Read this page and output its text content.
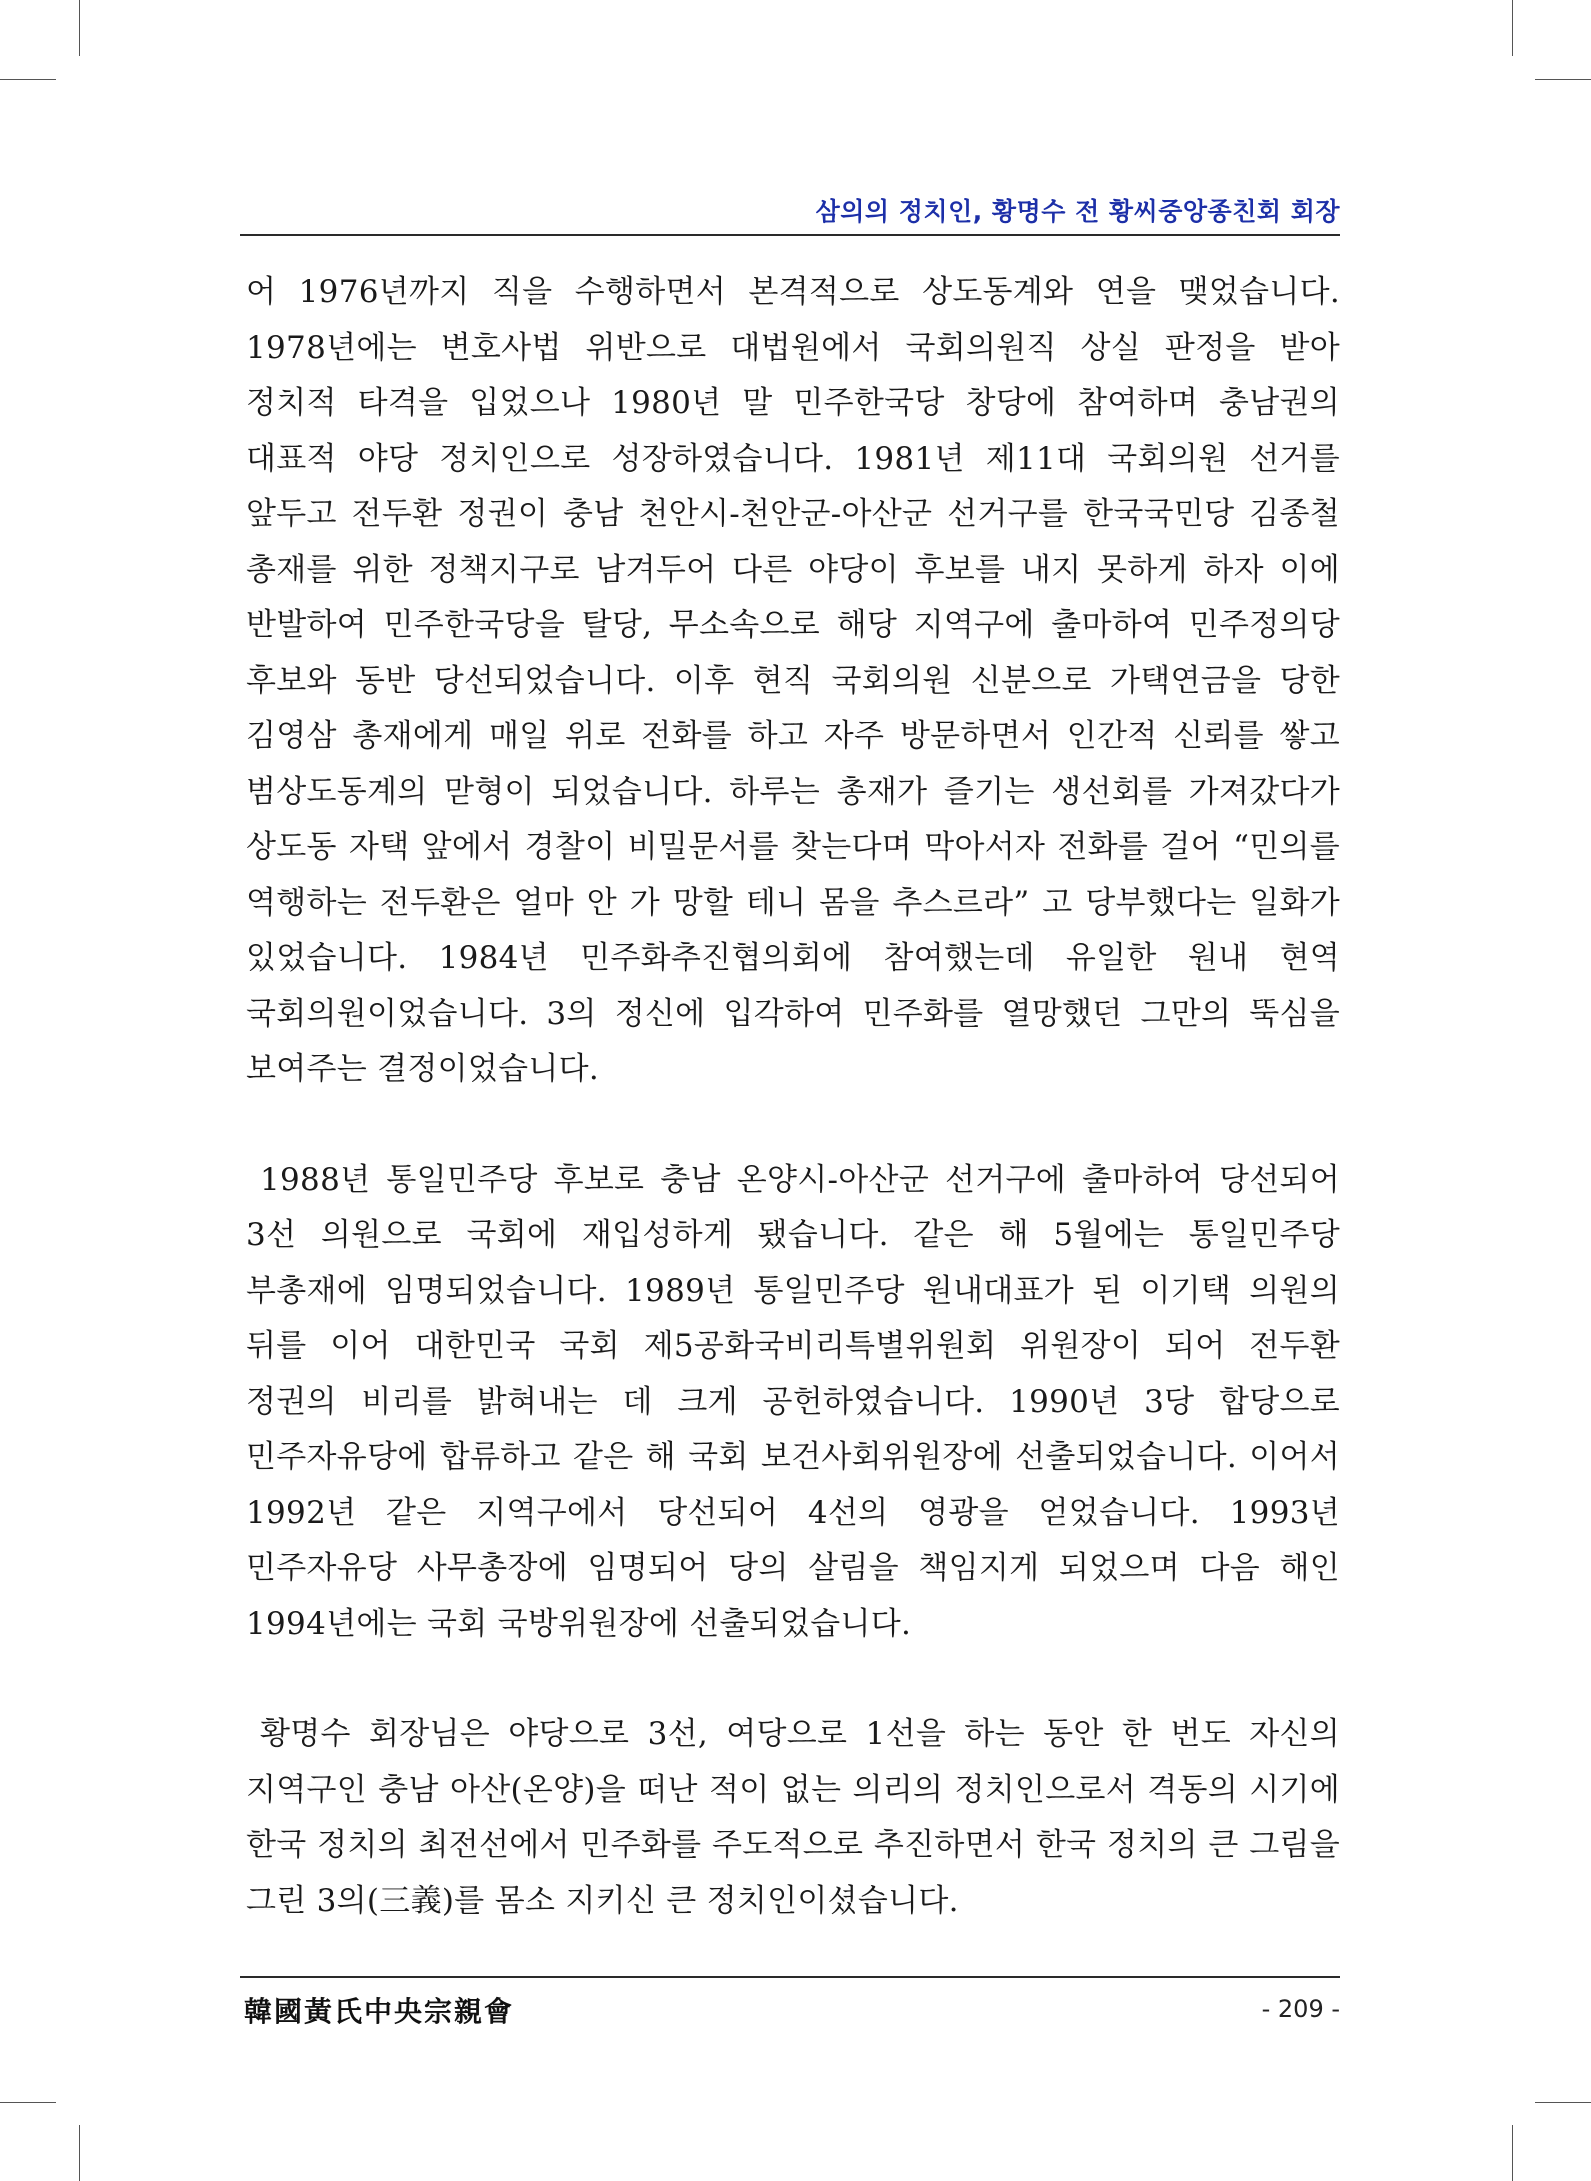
삼의의 정치인, 황명수 전 황씨중앙종친회 회장

어 1976년까지 직을 수행하면서 본격적으로 상도동계와 연을 맺었습니다. 1978년에는 변호사법 위반으로 대법원에서 국회의원직 상실 판정을 받아 정치적 타격을 입었으나 1980년 말 민주한국당 창당에 참여하며 충남권의 대표적 야당 정치인으로 성장하였습니다. 1981년 제11대 국회의원 선거를 앞두고 전두환 정권이 충남 천안시-천안군-아산군 선거구를 한국국민당 김종철 총재를 위한 정책지구로 남겨두어 다른 야당이 후보를 내지 못하게 하자 이에 반발하여 민주한국당을 탈당, 무소속으로 해당 지역구에 출마하여 민주정의당 후보와 동반 당선되었습니다. 이후 현직 국회의원 신분으로 가택연금을 당한 김영삼 총재에게 매일 위로 전화를 하고 자주 방문하면서 인간적 신뢰를 쌓고 범상도동계의 맏형이 되었습니다. 하루는 총재가 즐기는 생선회를 가져갔다가 상도동 자택 앞에서 경찰이 비밀문서를 찾는다며 막아서자 전화를 걸어 “민의를 역행하는 전두환은 얼마 안 가 망할 테니 몸을 추스르라” 고 당부했다는 일화가 있었습니다. 1984년 민주화추진협의회에 참여했는데 유일한 원내 현역 국회의원이었습니다. 3의 정신에 입각하여 민주화를 열망했던 그만의 뚝심을 보여주는 결정이었습니다.

1988년 통일민주당 후보로 충남 온양시-아산군 선거구에 출마하여 당선되어 3선 의원으로 국회에 재입성하게 됐습니다. 같은 해 5월에는 통일민주당 부총재에 임명되었습니다. 1989년 통일민주당 원내대표가 된 이기택 의원의 뒤를 이어 대한민국 국회 제5공화국비리특별위원회 위원장이 되어 전두환 정권의 비리를 밝혀내는 데 크게 공헌하였습니다. 1990년 3당 합당으로 민주자유당에 합류하고 같은 해 국회 보건사회위원장에 선출되었습니다. 이어서 1992년 같은 지역구에서 당선되어 4선의 영광을 얻었습니다. 1993년 민주자유당 사무총장에 임명되어 당의 살림을 책임지게 되었으며 다음 해인 1994년에는 국회 국방위원장에 선출되었습니다.

황명수 회장님은 야당으로 3선, 여당으로 1선을 하는 동안 한 번도 자신의 지역구인 충남 아산(온양)을 떠난 적이 없는 의리의 정치인으로서 격동의 시기에 한국 정치의 최전선에서 민주화를 주도적으로 추진하면서 한국 정치의 큰 그림을 그린 3의(三義)를 몸소 지키신 큰 정치인이셨습니다.

韓國黃氏中央宗親會	- 209 -
